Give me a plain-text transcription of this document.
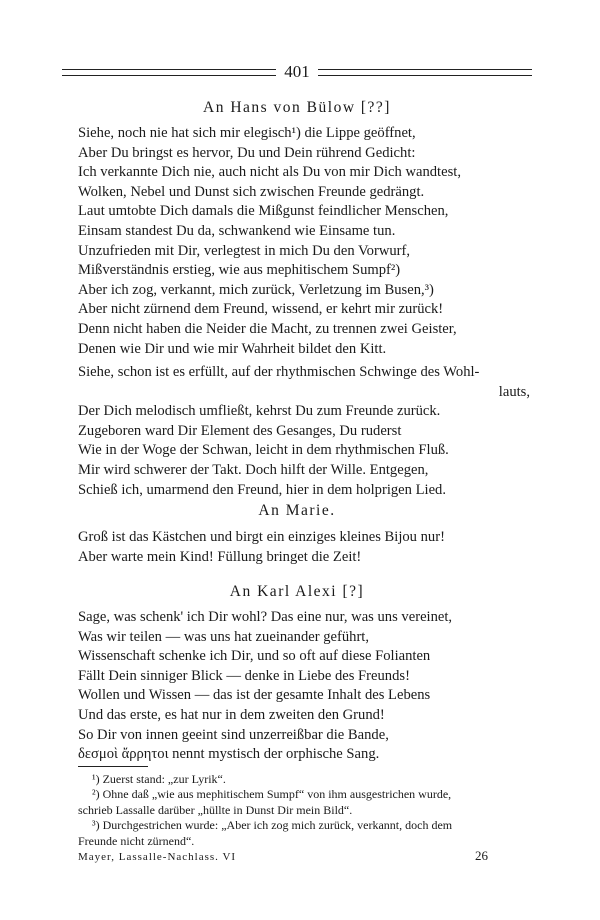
401
An Hans von Bülow [??]
Siehe, noch nie hat sich mir elegisch¹) die Lippe geöffnet,
Aber Du bringst es hervor, Du und Dein rührend Gedicht:
Ich verkannte Dich nie, auch nicht als Du von mir Dich wandtest,
Wolken, Nebel und Dunst sich zwischen Freunde gedrängt.
Laut umtobte Dich damals die Mißgunst feindlicher Menschen,
Einsam standest Du da, schwankend wie Einsame tun.
Unzufrieden mit Dir, verlegtest in mich Du den Vorwurf,
Mißverständnis erstieg, wie aus mephitischem Sumpf²)
Aber ich zog, verkannt, mich zurück, Verletzung im Busen,³)
Aber nicht zürnend dem Freund, wissend, er kehrt mir zurück!
Denn nicht haben die Neider die Macht, zu trennen zwei Geister,
Denen wie Dir und wie mir Wahrheit bildet den Kitt.
Siehe, schon ist es erfüllt, auf der rhythmischen Schwinge des Wohl-
lauts,
Der Dich melodisch umfließt, kehrst Du zum Freunde zurück.
Zugeboren ward Dir Element des Gesanges, Du ruderst
Wie in der Woge der Schwan, leicht in dem rhythmischen Fluß.
Mir wird schwerer der Takt. Doch hilft der Wille. Entgegen,
Schieß ich, umarmend den Freund, hier in dem holprigen Lied.
An Marie.
Groß ist das Kästchen und birgt ein einziges kleines Bijou nur!
Aber warte mein Kind! Füllung bringet die Zeit!
An Karl Alexi [?]
Sage, was schenk' ich Dir wohl? Das eine nur, was uns vereinet,
Was wir teilen — was uns hat zueinander geführt,
Wissenschaft schenke ich Dir, und so oft auf diese Folianten
Fällt Dein sinniger Blick — denke in Liebe des Freunds!
Wollen und Wissen — das ist der gesamte Inhalt des Lebens
Und das erste, es hat nur in dem zweiten den Grund!
So Dir von innen geeint sind unzerreißbar die Bande,
δεσμοὶ ἄρρητοι nennt mystisch der orphische Sang.
¹) Zuerst stand: „zur Lyrik“.
²) Ohne daß „wie aus mephitischem Sumpf“ von ihm ausgestrichen wurde,
schrieb Lassalle darüber „hüllte in Dunst Dir mein Bild“.
³) Durchgestrichen wurde: „Aber ich zog mich zurück, verkannt, doch dem
Freunde nicht zürnend“.
Mayer, Lassalle-Nachlass. VI	26
